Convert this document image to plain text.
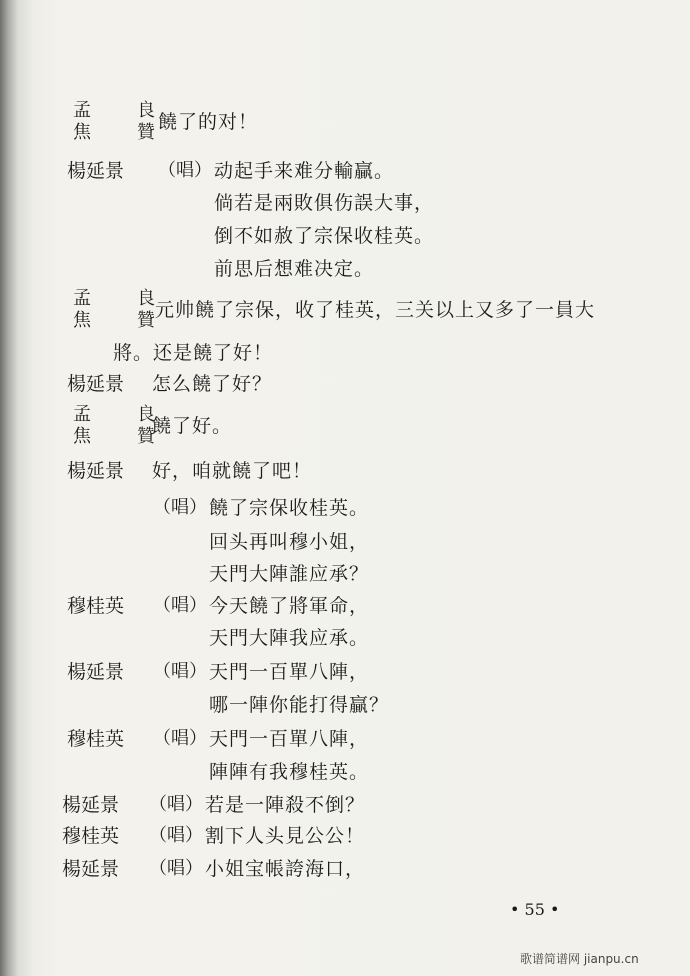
孟　良
焦　贊
饒了的对！
楊延景 （唱） 动起手来难分輸贏。
倘若是兩敗俱伤誤大事，
倒不如赦了宗保收桂英。
前思后想难决定。
孟　良
焦　贊
元帅饒了宗保，收了桂英，三关以上又多了一員大
將。还是饒了好！
楊延景 怎么饒了好？
孟　良
焦　贊
饒了好。
楊延景 好，咱就饒了吧！
（唱） 饒了宗保收桂英。
回头再叫穆小姐，
天門大陣誰应承？
穆桂英 （唱） 今天饒了將軍命，
天門大陣我应承。
楊延景 （唱） 天門一百單八陣，
哪一陣你能打得贏？
穆桂英 （唱） 天門一百單八陣，
陣陣有我穆桂英。
楊延景 （唱） 若是一陣殺不倒？
穆桂英 （唱） 割下人头見公公！
楊延景 （唱） 小姐宝帳誇海口，
• 55 •
歌谱简谱网 jianpu.cn
